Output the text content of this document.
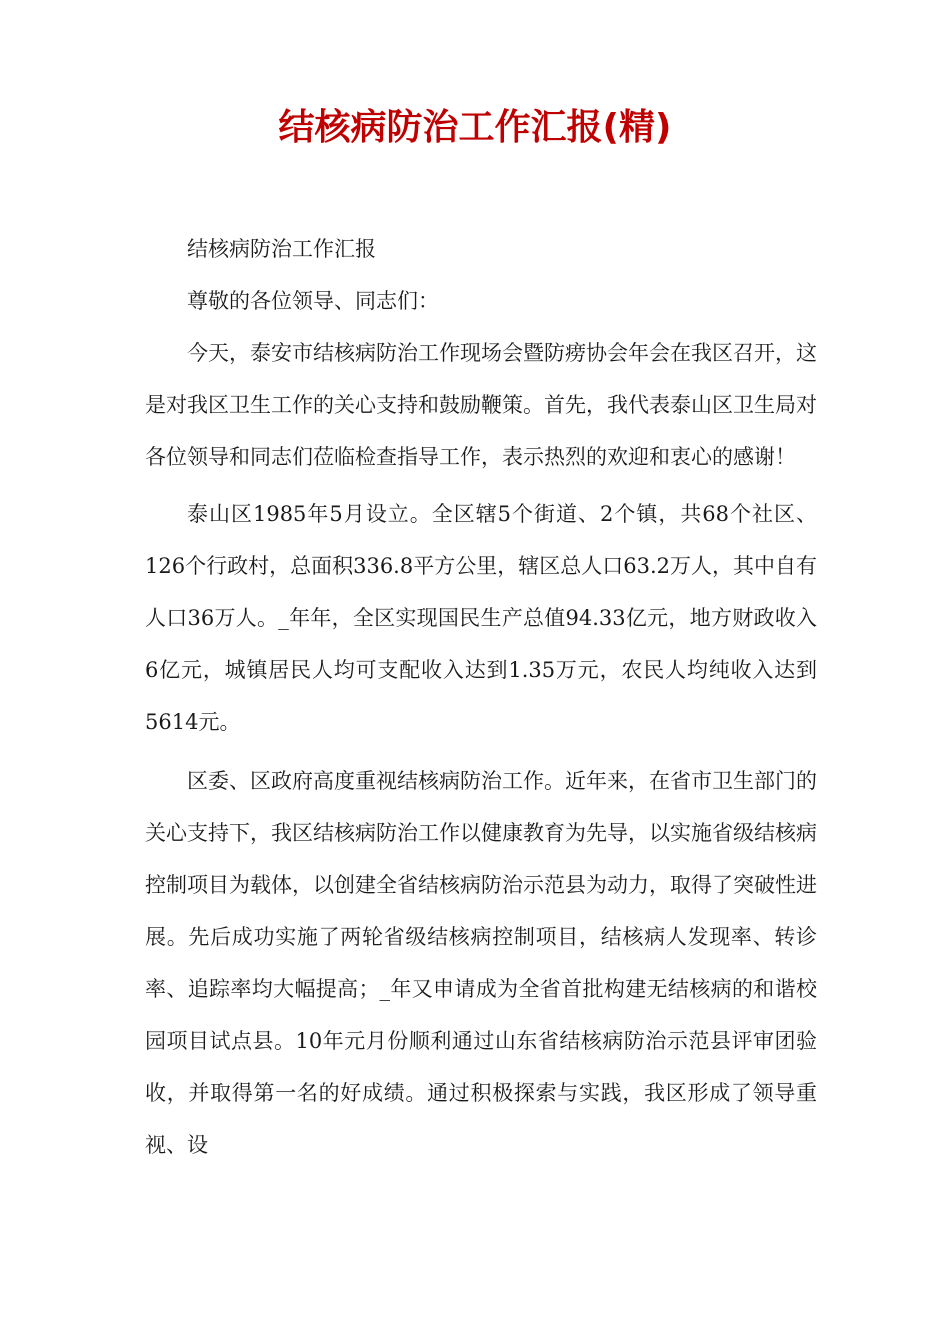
结核病防治工作汇报(精)

结核病防治工作汇报

尊敬的各位领导、同志们：

今天，泰安市结核病防治工作现场会暨防痨协会年会在我区召开，这是对我区卫生工作的关心支持和鼓励鞭策。首先，我代表泰山区卫生局对各位领导和同志们莅临检查指导工作，表示热烈的欢迎和衷心的感谢！

泰山区1985年5月设立。全区辖5个街道、2个镇，共68个社区、126个行政村，总面积336.8平方公里，辖区总人口63.2万人，其中自有人口36万人。_年年，全区实现国民生产总值94.33亿元，地方财政收入6亿元，城镇居民人均可支配收入达到1.35万元，农民人均纯收入达到5614元。

区委、区政府高度重视结核病防治工作。近年来，在省市卫生部门的关心支持下，我区结核病防治工作以健康教育为先导，以实施省级结核病控制项目为载体，以创建全省结核病防治示范县为动力，取得了突破性进展。先后成功实施了两轮省级结核病控制项目，结核病人发现率、转诊率、追踪率均大幅提高；_年又申请成为全省首批构建无结核病的和谐校园项目试点县。10年元月份顺利通过山东省结核病防治示范县评审团验收，并取得第一名的好成绩。通过积极探索与实践，我区形成了领导重视、设
